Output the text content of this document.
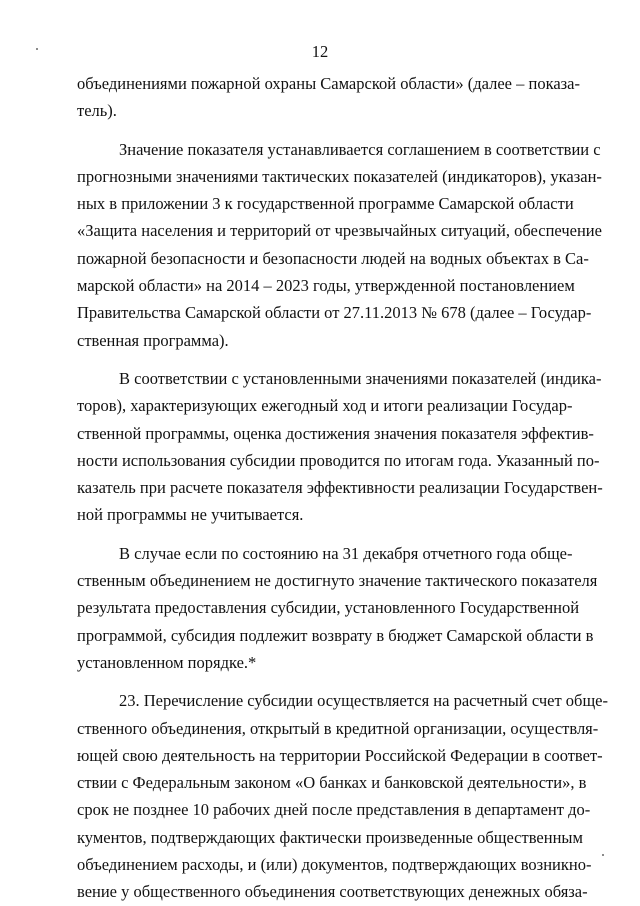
12
объединениями пожарной охраны Самарской области» (далее – показа-
тель).
Значение показателя устанавливается соглашением в соответствии с
прогнозными значениями тактических показателей (индикаторов), указан-
ных в приложении 3 к государственной программе Самарской области
«Защита населения и территорий от чрезвычайных ситуаций, обеспечение
пожарной безопасности и безопасности людей на водных объектах в Са-
марской области» на 2014 – 2023 годы, утвержденной постановлением
Правительства Самарской области от 27.11.2013 № 678 (далее – Государ-
ственная программа).
В соответствии с установленными значениями показателей (индика-
торов), характеризующих ежегодный ход и итоги реализации Государ-
ственной программы, оценка достижения значения показателя эффектив-
ности использования субсидии проводится по итогам года. Указанный по-
казатель при расчете показателя эффективности реализации Государствен-
ной программы не учитывается.
В случае если по состоянию на 31 декабря отчетного года обще-
ственным объединением не достигнуто значение тактического показателя
результата предоставления субсидии, установленного Государственной
программой, субсидия подлежит возврату в бюджет Самарской области в
установленном порядке.*
23. Перечисление субсидии осуществляется на расчетный счет обще-
ственного объединения, открытый в кредитной организации, осуществля-
ющей свою деятельность на территории Российской Федерации в соответ-
ствии с Федеральным законом «О банках и банковской деятельности», в
срок не позднее 10 рабочих дней после представления в департамент до-
кументов, подтверждающих фактически произведенные общественным
объединением расходы, и (или) документов, подтверждающих возникно-
вение у общественного объединения соответствующих денежных обяза-
